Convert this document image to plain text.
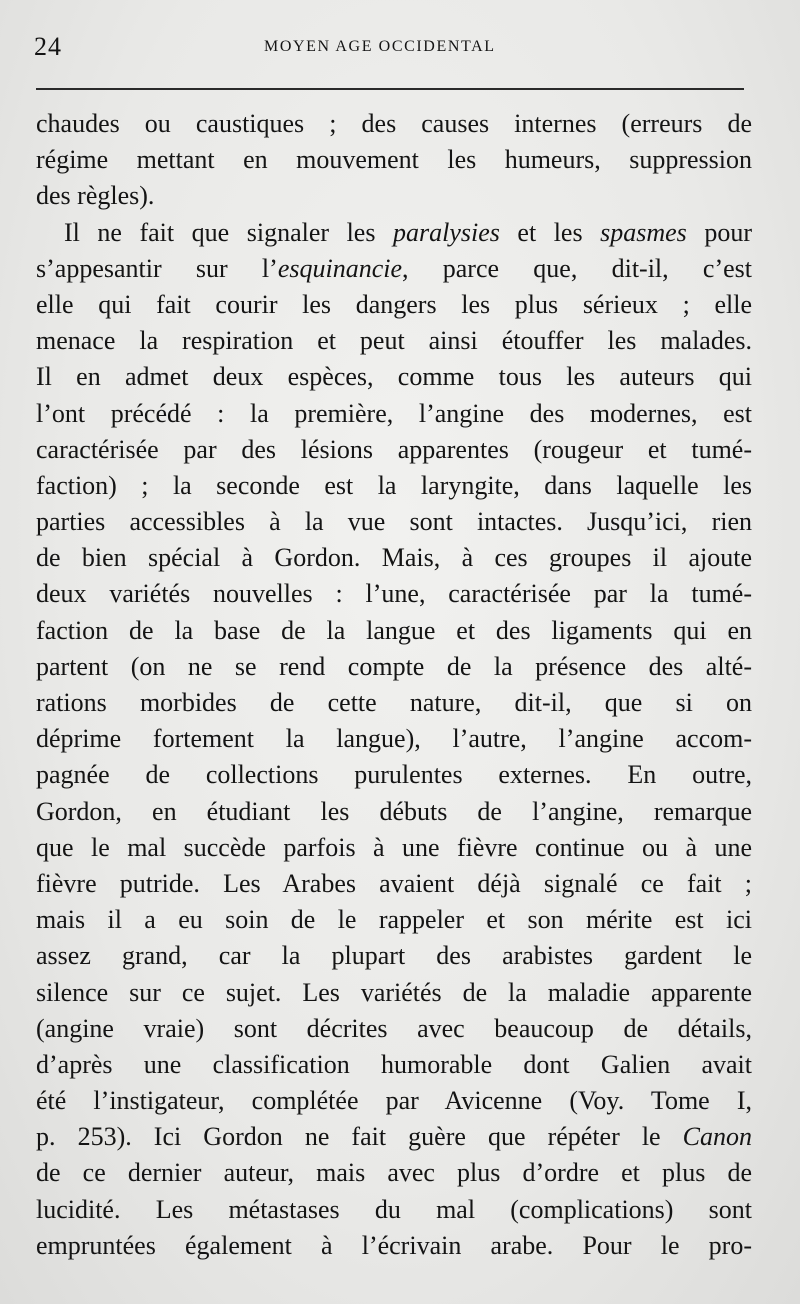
24	MOYEN AGE OCCIDENTAL
chaudes ou caustiques ; des causes internes (erreurs de
régime mettant en mouvement les humeurs, suppression
des règles).
Il ne fait que signaler les paralysies et les spasmes pour
s’appesantir sur l’esquinancie, parce que, dit-il, c’est
elle qui fait courir les dangers les plus sérieux ; elle
menace la respiration et peut ainsi étouffer les malades.
Il en admet deux espèces, comme tous les auteurs qui
l’ont précédé : la première, l’angine des modernes, est
caractérisée par des lésions apparentes (rougeur et tumé-
faction) ; la seconde est la laryngite, dans laquelle les
parties accessibles à la vue sont intactes. Jusqu’ici, rien
de bien spécial à Gordon. Mais, à ces groupes il ajoute
deux variétés nouvelles : l’une, caractérisée par la tumé-
faction de la base de la langue et des ligaments qui en
partent (on ne se rend compte de la présence des alté-
rations morbides de cette nature, dit-il, que si on
déprime fortement la langue), l’autre, l’angine accom-
pagnée de collections purulentes externes. En outre,
Gordon, en étudiant les débuts de l’angine, remarque
que le mal succède parfois à une fièvre continue ou à une
fièvre putride. Les Arabes avaient déjà signalé ce fait ;
mais il a eu soin de le rappeler et son mérite est ici
assez grand, car la plupart des arabistes gardent le
silence sur ce sujet. Les variétés de la maladie apparente
(angine vraie) sont décrites avec beaucoup de détails,
d’après une classification humorable dont Galien avait
été l’instigateur, complétée par Avicenne (Voy. Tome I,
p. 253). Ici Gordon ne fait guère que répéter le Canon
de ce dernier auteur, mais avec plus d’ordre et plus de
lucidité. Les métastases du mal (complications) sont
empruntées également à l’écrivain arabe. Pour le pro-
